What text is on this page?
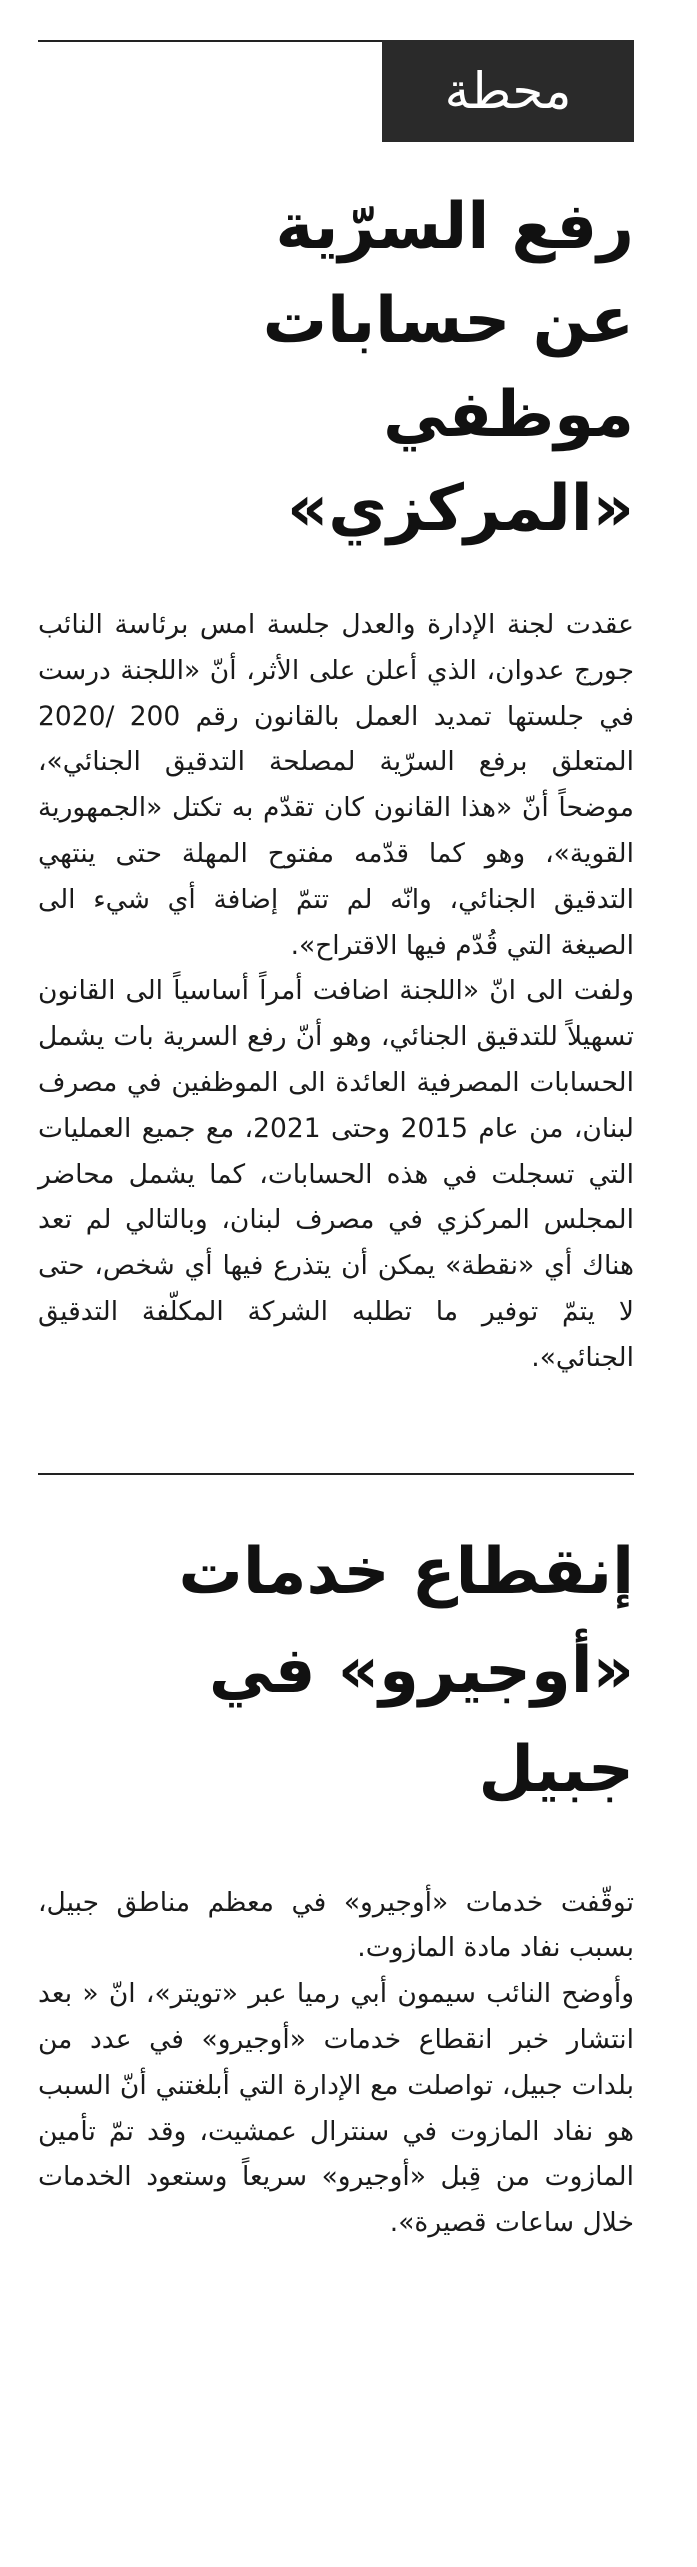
محطة
رفع السرّية
عن حسابات
موظفي «المركزي»

عقدت لجنة الإدارة والعدل جلسة امس برئاسة النائب جورج عدوان، الذي أعلن على الأثر، أنّ «اللجنة درست في جلستها تمديد العمل بالقانون رقم 200 /2020 المتعلق برفع السرّية لمصلحة التدقيق الجنائي»، موضحاً أنّ «هذا القانون كان تقدّم به تكتل «الجمهورية القوية»، وهو كما قدّمه مفتوح المهلة حتى ينتهي التدقيق الجنائي، وانّه لم تتمّ إضافة أي شيء الى الصيغة التي قُدّم فيها الاقتراح».

ولفت الى انّ «اللجنة اضافت أمراً أساسياً الى القانون تسهيلاً للتدقيق الجنائي، وهو أنّ رفع السرية بات يشمل الحسابات المصرفية العائدة الى الموظفين في مصرف لبنان، من عام 2015 وحتى 2021، مع جميع العمليات التي تسجلت في هذه الحسابات، كما يشمل محاضر المجلس المركزي في مصرف لبنان، وبالتالي لم تعد هناك أي «نقطة» يمكن أن يتذرع فيها أي شخص، حتى لا يتمّ توفير ما تطلبه الشركة المكلّفة التدقيق الجنائي».

إنقطاع خدمات
«أوجيرو» في جبيل

توقّفت خدمات «أوجيرو» في معظم مناطق جبيل، بسبب نفاد مادة المازوت.

وأوضح النائب سيمون أبي رميا عبر «تويتر»، انّ « بعد انتشار خبر انقطاع خدمات «أوجيرو» في عدد من بلدات جبيل، تواصلت مع الإدارة التي أبلغتني أنّ السبب هو نفاد المازوت في سنترال عمشيت، وقد تمّ تأمين المازوت من قِبل «أوجيرو» سريعاً وستعود الخدمات خلال ساعات قصيرة».
